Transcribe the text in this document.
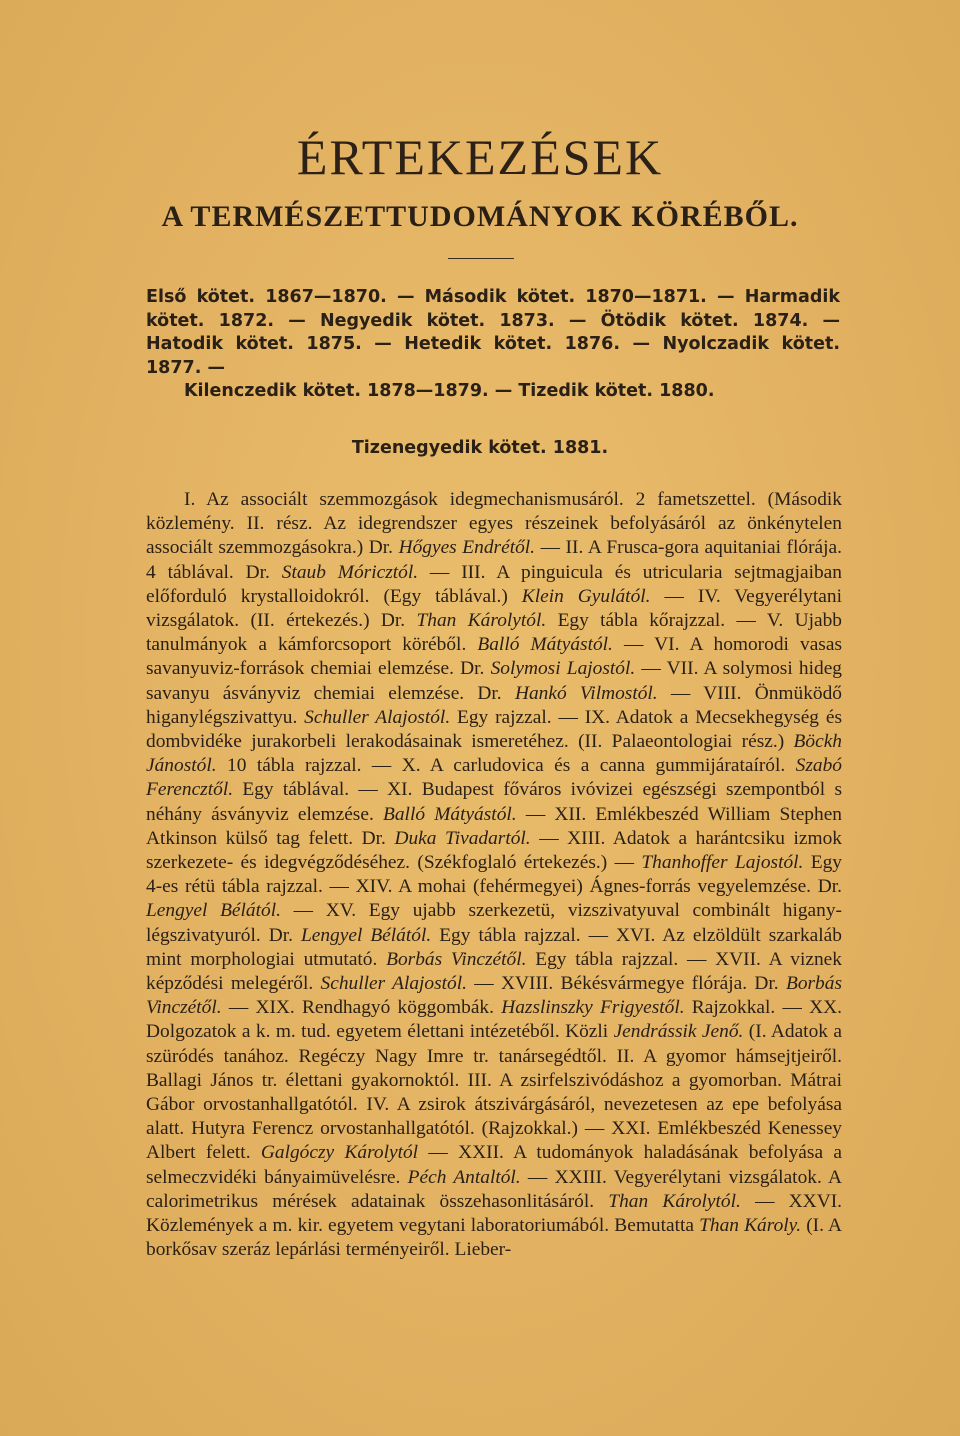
ÉRTEKEZÉSEK
A TERMÉSZETTUDOMÁNYOK KÖRÉBŐL.

Első kötet. 1867—1870. — Második kötet. 1870—1871. — Harmadik kötet. 1872. — Negyedik kötet. 1873. — Ötödik kötet. 1874. — Hatodik kötet. 1875. — Hetedik kötet. 1876. — Nyolczadik kötet. 1877. —
Kilenczedik kötet. 1878—1879. — Tizedik kötet. 1880.

Tizenegyedik kötet. 1881.

I. Az associált szemmozgások idegmechanismusáról. 2 fametszettel. (Második közlemény. II. rész. Az idegrendszer egyes részeinek befolyásáról az önkénytelen associált szemmozgásokra.) Dr. Hőgyes Endrétől. — II. A Frusca-gora aquitaniai flórája. 4 táblával. Dr. Staub Móricztól. — III. A pinguicula és utricularia sejtmagjaiban előforduló krystalloidokról. (Egy táblával.) Klein Gyulától. — IV. Vegyerélytani vizsgálatok. (II. értekezés.) Dr. Than Károlytól. Egy tábla kőrajzzal. — V. Ujabb tanulmányok a kámforcsoport köréből. Balló Mátyástól. — VI. A homorodi vasas savanyuviz-források chemiai elemzése. Dr. Solymosi Lajostól. — VII. A solymosi hideg savanyu ásványviz chemiai elemzése. Dr. Hankó Vilmostól. — VIII. Önmüködő higanylégszivattyu. Schuller Alajostól. Egy rajzzal. — IX. Adatok a Mecsekhegység és dombvidéke jurakorbeli lerakodásainak ismeretéhez. (II. Palaeontologiai rész.) Böckh Jánostól. 10 tábla rajzzal. — X. A carludovica és a canna gummijárataíról. Szabó Ferencztől. Egy táblával. — XI. Budapest főváros ivóvizei egészségi szempontból s néhány ásványviz elemzése. Balló Mátyástól. — XII. Emlékbeszéd William Stephen Atkinson külső tag felett. Dr. Duka Tivadartól. — XIII. Adatok a harántcsiku izmok szerkezete- és idegvégződéséhez. (Székfoglaló értekezés.) — Thanhoffer Lajostól. Egy 4-es rétü tábla rajzzal. — XIV. A mohai (fehérmegyei) Ágnes-forrás vegyelemzése. Dr. Lengyel Bélától. — XV. Egy ujabb szerkezetü, vizszivatyuval combinált higany-légszivatyuról. Dr. Lengyel Bélától. Egy tábla rajzzal. — XVI. Az elzöldült szarkaláb mint morphologiai utmutató. Borbás Vinczétől. Egy tábla rajzzal. — XVII. A viznek képződési melegéről. Schuller Alajostól. — XVIII. Békésvármegye flórája. Dr. Borbás Vinczétől. — XIX. Rendhagyó köggombák. Hazslinszky Frigyestől. Rajzokkal. — XX. Dolgozatok a k. m. tud. egyetem élettani intézetéből. Közli Jendrássik Jenő. (I. Adatok a szüródés tanához. Regéczy Nagy Imre tr. tanársegédtől. II. A gyomor hámsejtjeiről. Ballagi János tr. élettani gyakornoktól. III. A zsirfelszivódáshoz a gyomorban. Mátrai Gábor orvostanhallgatótól. IV. A zsirok átszivárgásáról, nevezetesen az epe befolyása alatt. Hutyra Ferencz orvostanhallgatótól. (Rajzokkal.) — XXI. Emlékbeszéd Kenessey Albert felett. Galgóczy Károlytól — XXII. A tudományok haladásának befolyása a selmeczvidéki bányaimüvelésre. Péch Antaltól. — XXIII. Vegyerélytani vizsgálatok. A calorimetrikus mérések adatainak összehasonlitásáról. Than Károlytól. — XXVI. Közlemények a m. kir. egyetem vegytani laboratoriumából. Bemutatta Than Károly. (I. A borkősav szeráz lepárlási terményeiről. Lieber-
